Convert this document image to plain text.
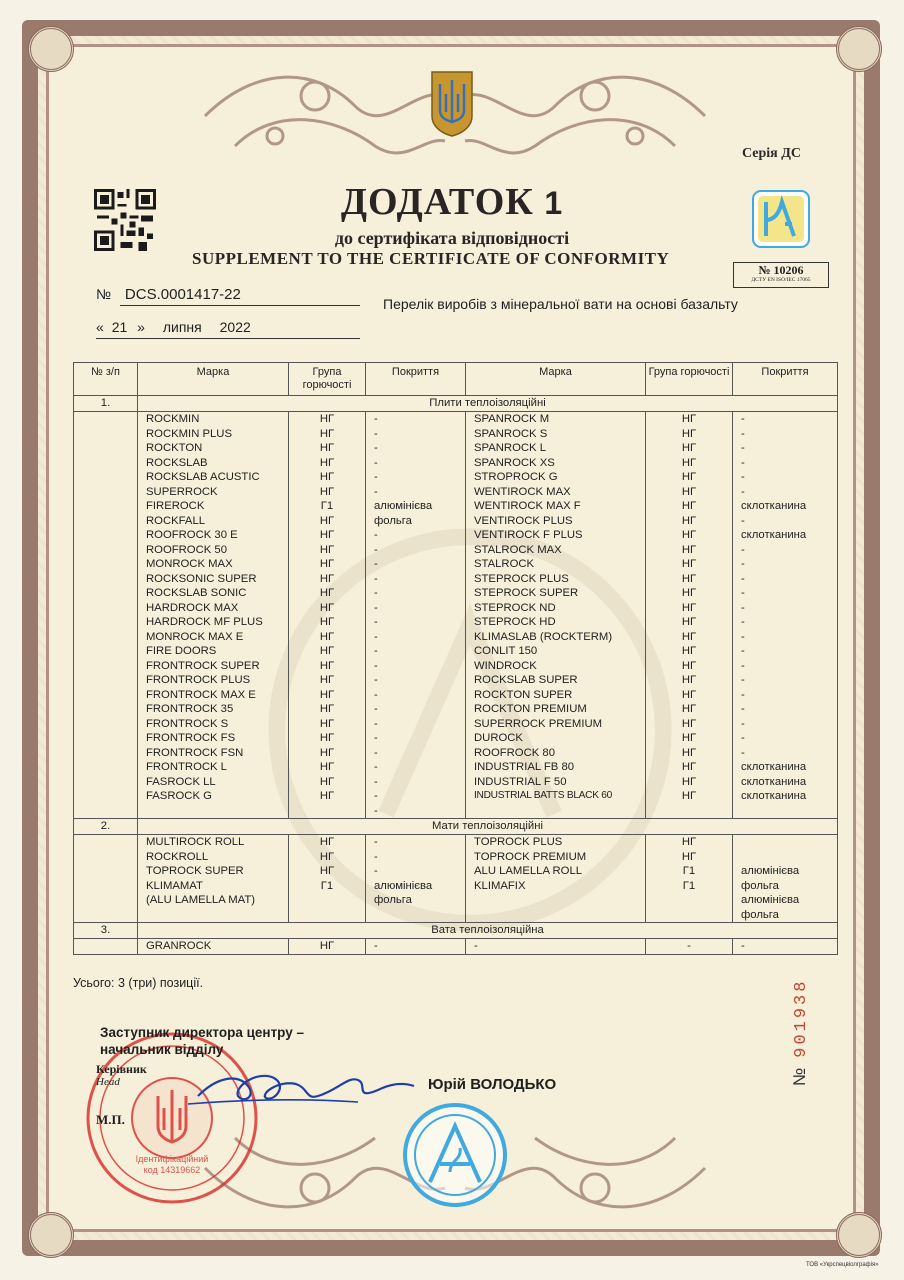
Серія ДС
ДОДАТОК 1
до сертифіката відповідності
SUPPLEMENT TO THE CERTIFICATE OF CONFORMITY
№ 10206
ДСТУ EN ISO/IEC 17065
№ DCS.0001417-22
« 21 » липня 2022
Перелік виробів з мінеральної вати на основі базальту
№ з/п	Марка	Група горючості	Покриття	Марка	Група горючості	Покриття
1.	Плити теплоізоляційні					
	ROCKMIN	НГ	-	SPANROCK M	НГ	-
	ROCKMIN PLUS	НГ	-	SPANROCK S	НГ	-
	ROCKTON	НГ	-	SPANROCK L	НГ	-
	ROCKSLAB	НГ	-	SPANROCK XS	НГ	-
	ROCKSLAB ACUSTIC	НГ	-	STROPROCK G	НГ	-
	SUPERROCK	НГ	-	WENTIROCK MAX	НГ	-
	FIREROCK	Г1	алюмінієва	WENTIROCK MAX F	НГ	склотканина
	ROCKFALL	НГ	фольга	VENTIROCK PLUS	НГ	-
	ROOFROCK 30 E	НГ	-	VENTIROCK F PLUS	НГ	склотканина
	ROOFROCK 50	НГ	-	STALROCK MAX	НГ	-
	MONROCK MAX	НГ	-	STALROCK	НГ	-
	ROCKSONIC SUPER	НГ	-	STEPROCK PLUS	НГ	-
	ROCKSLAB SONIC	НГ	-	STEPROCK SUPER	НГ	-
	HARDROCK MAX	НГ	-	STEPROCK ND	НГ	-
	HARDROCK MF PLUS	НГ	-	STEPROCK HD	НГ	-
	MONROCK MAX E	НГ	-	KLIMASLAB (ROCKTERM)	НГ	-
	FIRE DOORS	НГ	-	CONLIT 150	НГ	-
	FRONTROCK SUPER	НГ	-	WINDROCK	НГ	-
	FRONTROCK PLUS	НГ	-	ROCKSLAB SUPER	НГ	-
	FRONTROCK MAX E	НГ	-	ROCKTON SUPER	НГ	-
	FRONTROCK 35	НГ	-	ROCKTON PREMIUM	НГ	-
	FRONTROCK S	НГ	-	SUPERROCK PREMIUM	НГ	-
	FRONTROCK FS	НГ	-	DUROCK	НГ	-
	FRONTROCK FSN	НГ	-	ROOFROCK 80	НГ	-
	FRONTROCK L	НГ	-	INDUSTRIAL FB 80	НГ	склотканина
	FASROCK LL	НГ	-	INDUSTRIAL F 50	НГ	склотканина
	FASROCK G	НГ	-	INDUSTRIAL BATTS BLACK 60	НГ	склотканина
			-			
2.	Мати теплоізоляційні					
	MULTIROCK ROLL	НГ	-	TOPROCK PLUS	НГ	
	ROCKROLL	НГ	-	TOPROCK PREMIUM	НГ	
	TOPROCK SUPER	НГ	-	ALU LAMELLA ROLL	Г1	алюмінієва
	KLIMAMAT	Г1	алюмінієва	KLIMAFIX	Г1	фольга
	(ALU LAMELLA MAT)		фольга			алюмінієва
						фольга
3.	Вата теплоізоляційна					
	GRANROCK	НГ	-	-	-	-
Усього: 3 (три) позиції.
Ідентифікаційний
код 14319662
Заступник директора центру –
начальник відділу
Керівник
Head
М.П.
Юрій ВОЛОДЬКО	№901938
ТОВ «Укрспецвіолграфія»
